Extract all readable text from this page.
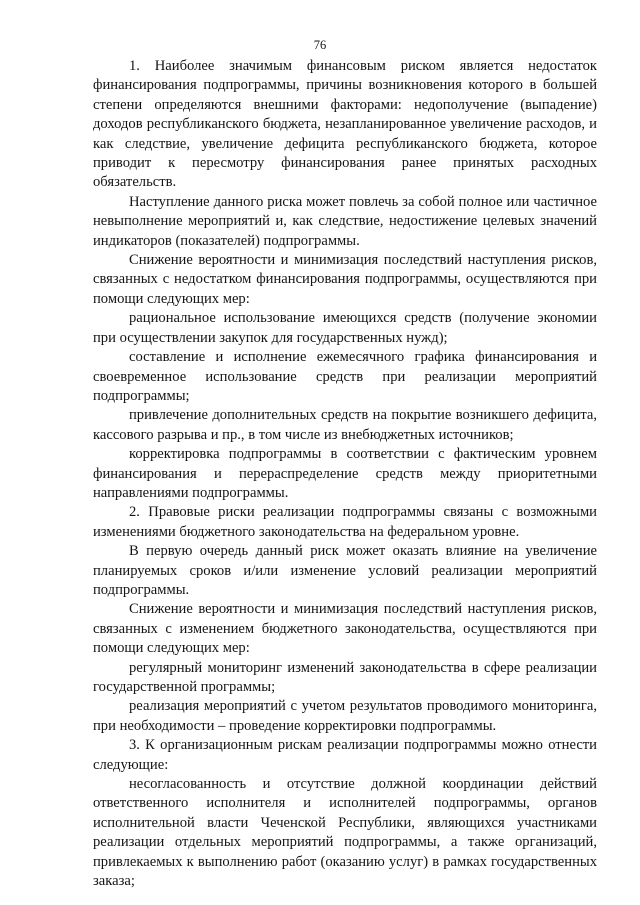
76

1. Наиболее значимым финансовым риском является недостаток финансирования подпрограммы, причины возникновения которого в большей степени определяются внешними факторами: недополучение (выпадение) доходов республиканского бюджета, незапланированное увеличение расходов, и как следствие, увеличение дефицита республиканского бюджета, которое приводит к пересмотру финансирования ранее принятых расходных обязательств.

Наступление данного риска может повлечь за собой полное или частичное невыполнение мероприятий и, как следствие, недостижение целевых значений индикаторов (показателей) подпрограммы.

Снижение вероятности и минимизация последствий наступления рисков, связанных с недостатком финансирования подпрограммы, осуществляются при помощи следующих мер:

рациональное использование имеющихся средств (получение экономии при осуществлении закупок для государственных нужд);

составление и исполнение ежемесячного графика финансирования и своевременное использование средств при реализации мероприятий подпрограммы;

привлечение дополнительных средств на покрытие возникшего дефицита, кассового разрыва и пр., в том числе из внебюджетных источников;

корректировка подпрограммы в соответствии с фактическим уровнем финансирования и перераспределение средств между приоритетными направлениями подпрограммы.

2. Правовые риски реализации подпрограммы связаны с возможными изменениями бюджетного законодательства на федеральном уровне.

В первую очередь данный риск может оказать влияние на увеличение планируемых сроков и/или изменение условий реализации мероприятий подпрограммы.

Снижение вероятности и минимизация последствий наступления рисков, связанных с изменением бюджетного законодательства, осуществляются при помощи следующих мер:

регулярный мониторинг изменений законодательства в сфере реализации государственной программы;

реализация мероприятий с учетом результатов проводимого мониторинга, при необходимости – проведение корректировки подпрограммы.

3. К организационным рискам реализации подпрограммы можно отнести следующие:

несогласованность и отсутствие должной координации действий ответственного исполнителя и исполнителей подпрограммы, органов исполнительной власти Чеченской Республики, являющихся участниками реализации отдельных мероприятий подпрограммы, а также организаций, привлекаемых к выполнению работ (оказанию услуг) в рамках государственных заказа;
